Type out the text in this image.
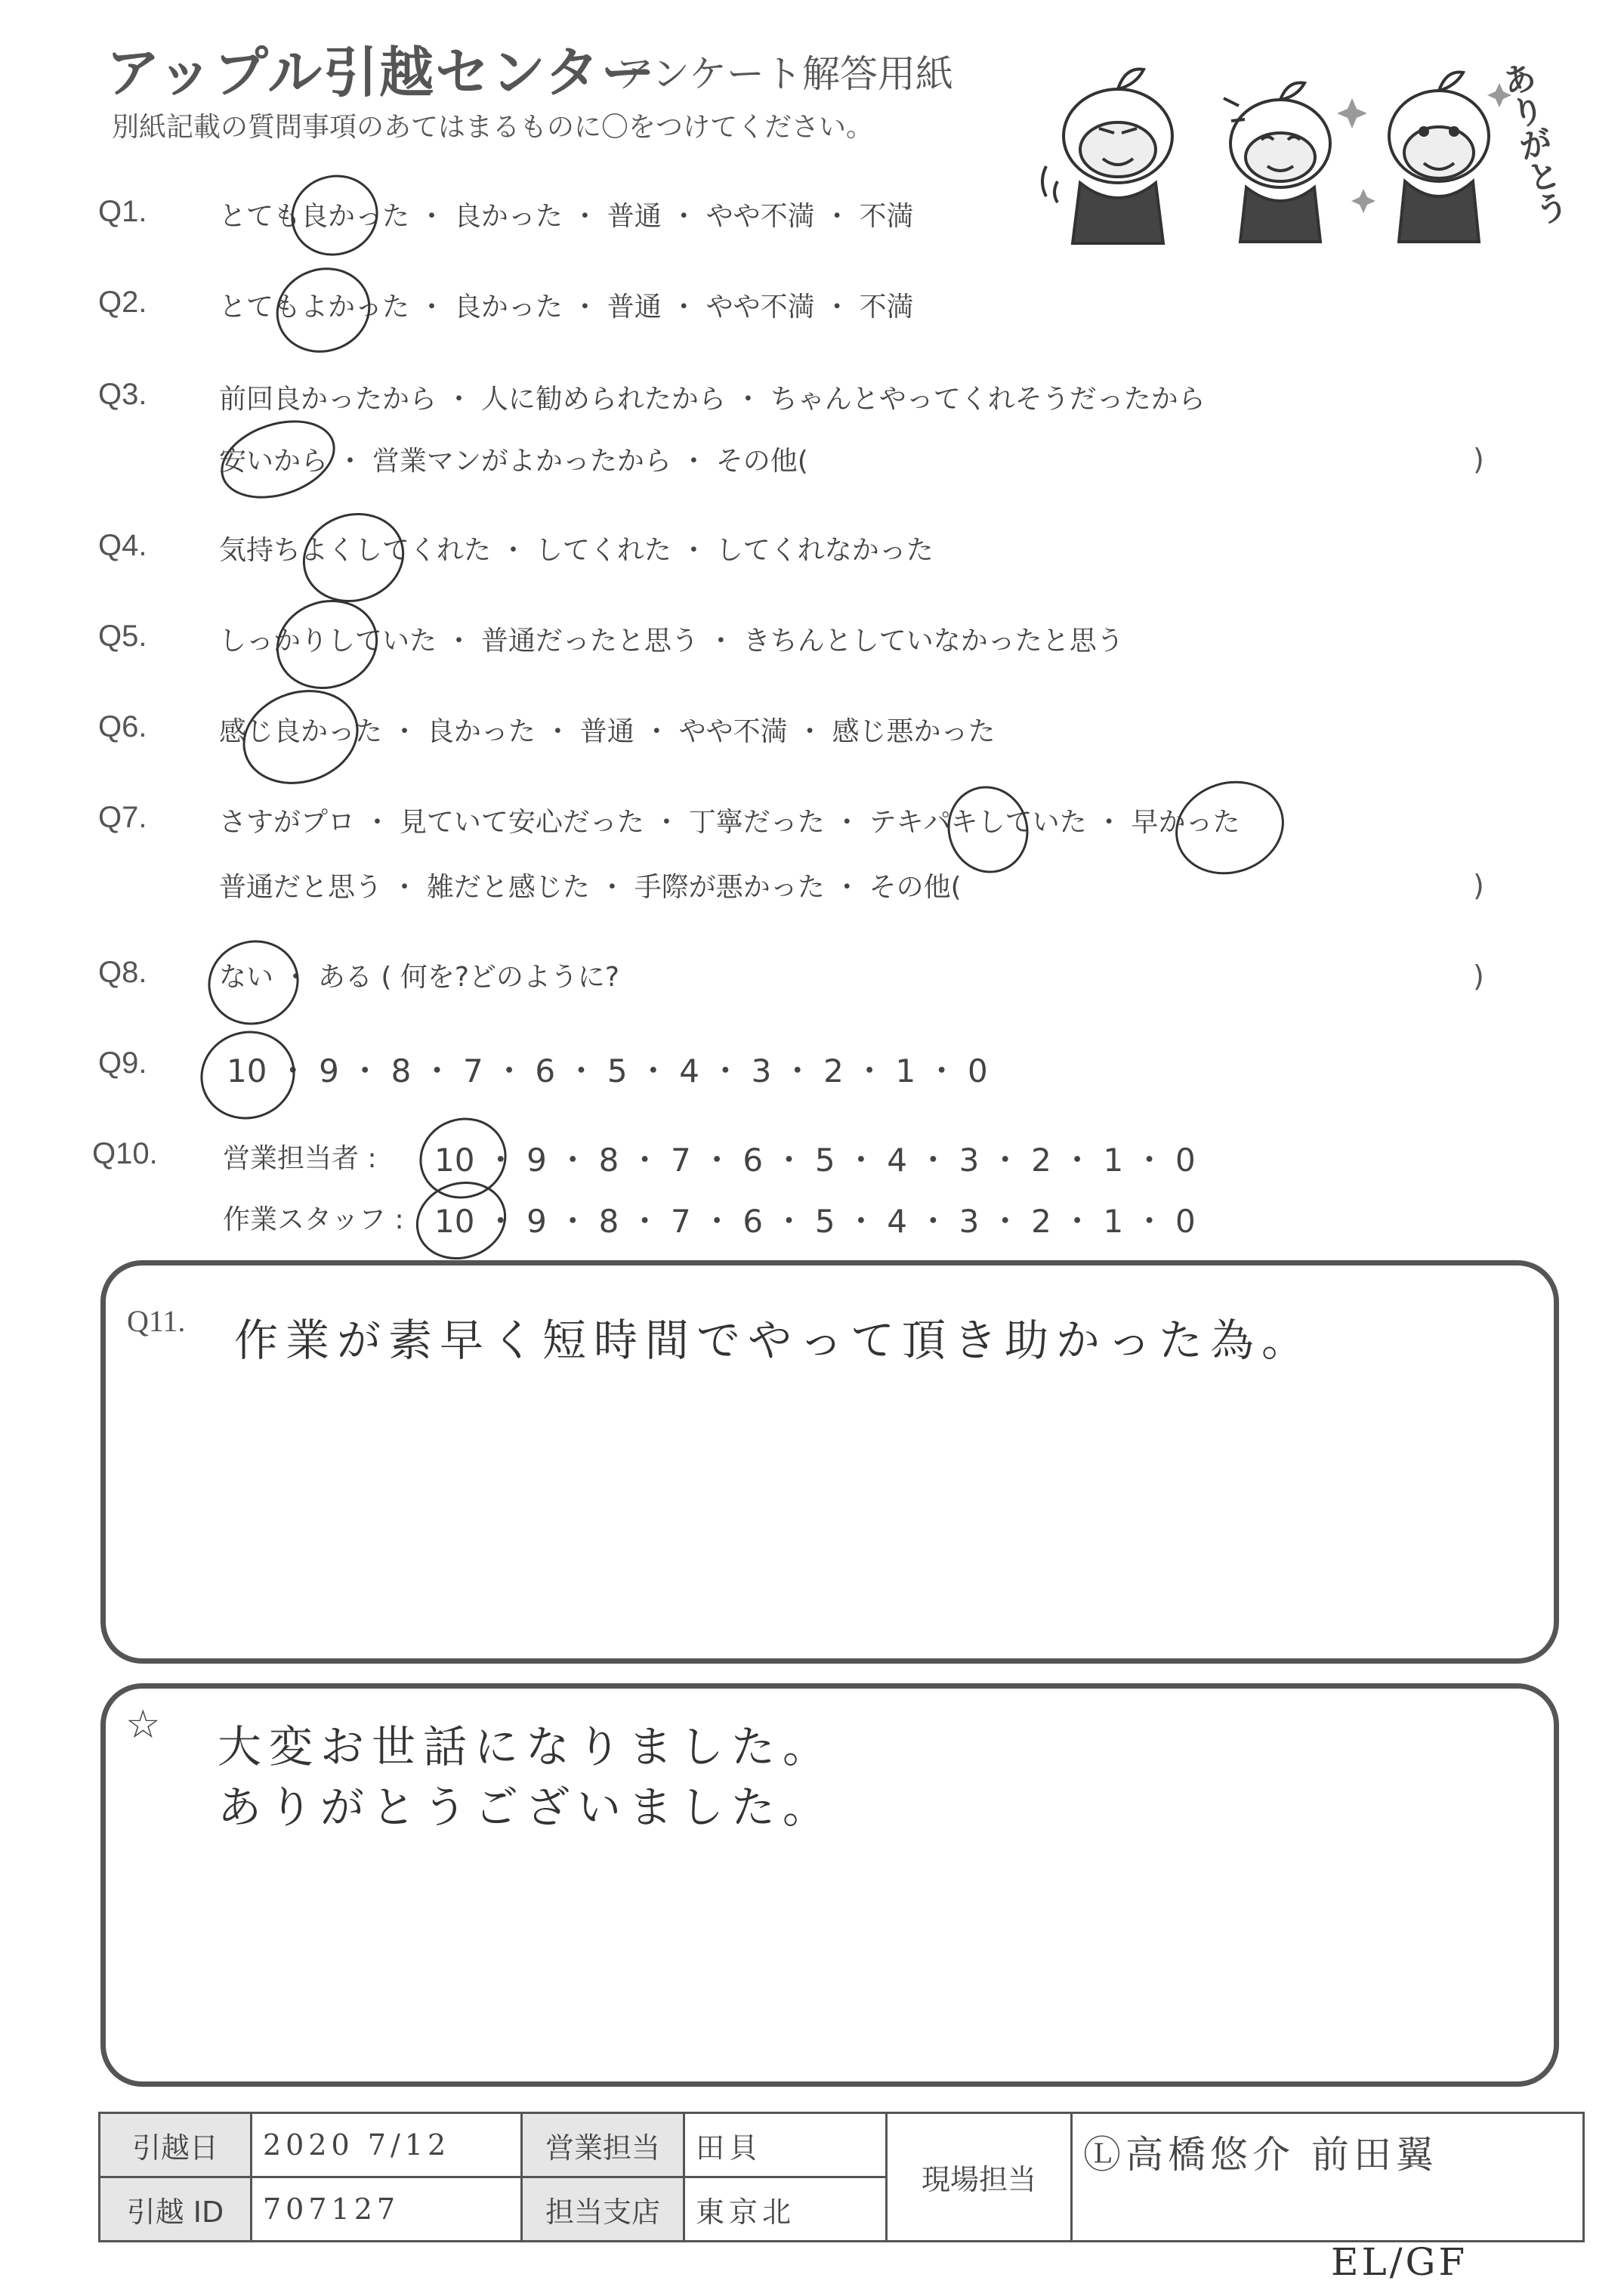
アップル引越センター
アンケート解答用紙
別紙記載の質問事項のあてはまるものに〇をつけてください。	ありがとう
Q1.	とても良かった ・ 良かった ・ 普通 ・ やや不満 ・ 不満
Q2.	とてもよかった ・ 良かった ・ 普通 ・ やや不満 ・ 不満
Q3.	前回良かったから ・ 人に勧められたから ・ ちゃんとやってくれそうだったから
安いから ・ 営業マンがよかったから ・ その他(	)
Q4.	気持ちよくしてくれた ・ してくれた ・ してくれなかった
Q5.	しっかりしていた ・ 普通だったと思う ・ きちんとしていなかったと思う
Q6.	感じ良かった ・ 良かった ・ 普通 ・ やや不満 ・ 感じ悪かった
Q7.	さすがプロ ・ 見ていて安心だった ・ 丁寧だった ・ テキパキしていた ・ 早かった
普通だと思う ・ 雑だと感じた ・ 手際が悪かった ・ その他(	)
Q8.	ない ・ ある ( 何を?どのように?	)
Q9.	10 ・ 9 ・ 8 ・ 7 ・ 6 ・ 5 ・ 4 ・ 3 ・ 2 ・ 1 ・ 0
Q10. 営業担当者 : 10 ・ 9 ・ 8 ・ 7 ・ 6 ・ 5 ・ 4 ・ 3 ・ 2 ・ 1 ・ 0
作業スタッフ : 10 ・ 9 ・ 8 ・ 7 ・ 6 ・ 5 ・ 4 ・ 3 ・ 2 ・ 1 ・ 0
Q11. 作業が素早く短時間でやって頂き助かった為。
☆ 大変お世話になりました。
ありがとうございました。
引越日	2020 7/12	営業担当	田貝	現場担当	Ⓛ高橋悠介 前田翼
引越 ID	707127	担当支店	東京北		
EL/GF
